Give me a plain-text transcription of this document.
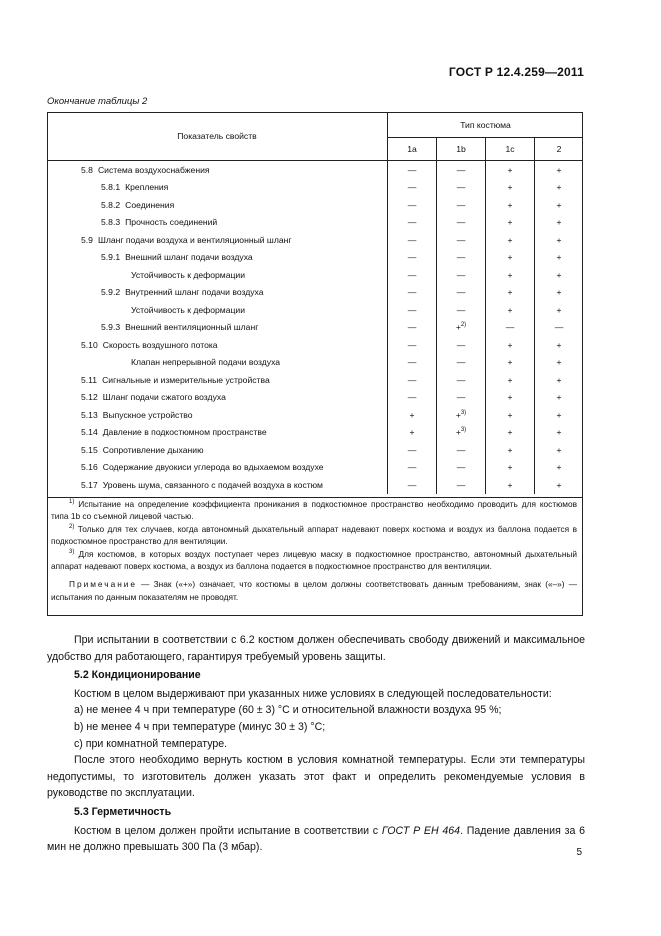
ГОСТ Р 12.4.259—2011
Окончание таблицы 2
Показатель свойств	Тип костюма			
	1a	1b	1c	2
5.8 Система воздухоснабжения	—	—	+	+
5.8.1 Крепления	—	—	+	+
5.8.2 Соединения	—	—	+	+
5.8.3 Прочность соединений	—	—	+	+
5.9 Шланг подачи воздуха и вентиляционный шланг	—	—	+	+
5.9.1 Внешний шланг подачи воздуха	—	—	+	+
Устойчивость к деформации	—	—	+	+
5.9.2 Внутренний шланг подачи воздуха	—	—	+	+
Устойчивость к деформации	—	—	+	+
5.9.3 Внешний вентиляционный шланг	—	+$^{2)}$	—	—
5.10 Скорость воздушного потока	—	—	+	+
Клапан непрерывной подачи воздуха	—	—	+	+
5.11 Сигнальные и измерительные устройства	—	—	+	+
5.12 Шланг подачи сжатого воздуха	—	—	+	+
5.13 Выпускное устройство	+	+$^{3)}$	+	+
5.14 Давление в подкостюмном пространстве	+	+$^{3)}$	+	+
5.15 Сопротивление дыханию	—	—	+	+
5.16 Содержание двуокиси углерода во вдыхаемом воздухе	—	—	+	+
5.17 Уровень шума, связанного с подачей воздуха в костюм	—	—	+	+

$^{1)}$ Испытание на определение коэффициента проникания в подкостюмное пространство необходимо проводить для костюмов типа 1b со съемной лицевой частью.

$^{2)}$ Только для тех случаев, когда автономный дыхательный аппарат надевают поверх костюма и воздух из баллона подается в подкостюмное пространство для вентиляции.

$^{3)}$ Для костюмов, в которых воздух поступает через лицевую маску в подкостюмное пространство, автономный дыхательный аппарат надевают поверх костюма, а воздух из баллона подается в подкостюмное пространство для вентиляции.

Примечание — Знак («+») означает, что костюмы в целом должны соответствовать данным требованиям, знак («–») — испытания по данным показателям не проводят.

При испытании в соответствии с 6.2 костюм должен обеспечивать свободу движений и максимальное удобство для работающего, гарантируя требуемый уровень защиты.

5.2 Кондиционирование

Костюм в целом выдерживают при указанных ниже условиях в следующей последовательности:

a) не менее 4 ч при температуре (60 ± 3) °С и относительной влажности воздуха 95 %;

b) не менее 4 ч при температуре (минус 30 ± 3) °С;

c) при комнатной температуре.

После этого необходимо вернуть костюм в условия комнатной температуры. Если эти температуры недопустимы, то изготовитель должен указать этот факт и определить рекомендуемые условия в руководстве по эксплуатации.

5.3 Герметичность

Костюм в целом должен пройти испытание в соответствии с ГОСТ Р ЕН 464. Падение давления за 6 мин не должно превышать 300 Па (3 мбар).	5
